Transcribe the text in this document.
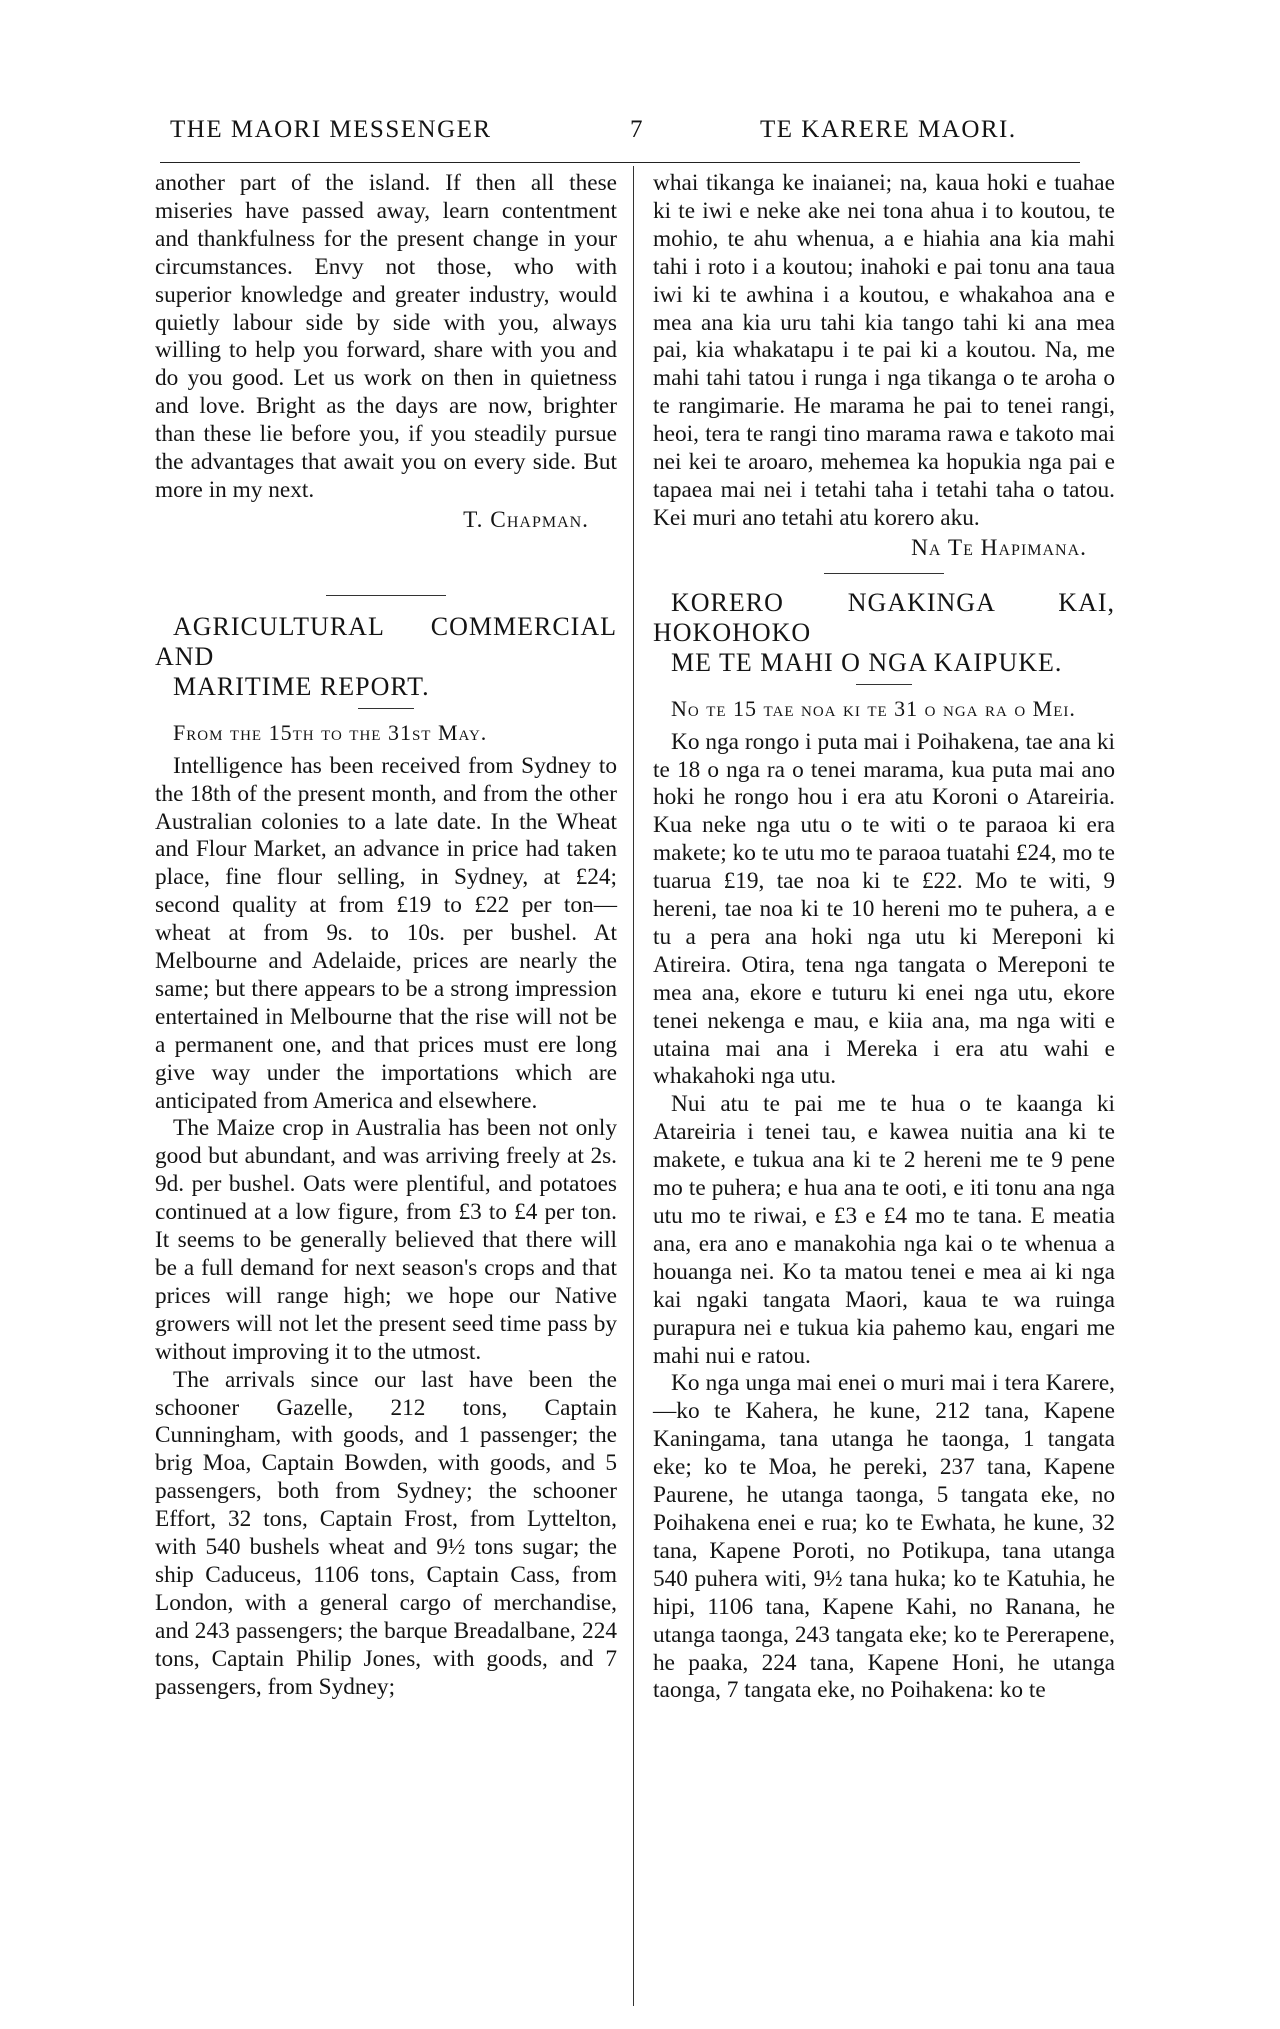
THE MAORI MESSENGER	7	TE KARERE MAORI.

another part of the island. If then all these miseries have passed away, learn contentment and thankfulness for the present change in your circumstances. Envy not those, who with superior knowledge and greater industry, would quietly labour side by side with you, always willing to help you forward, share with you and do you good. Let us work on then in quietness and love. Bright as the days are now, brighter than these lie before you, if you steadily pursue the advantages that await you on every side. But more in my next.

T. Chapman.

AGRICULTURAL COMMERCIAL AND

MARITIME REPORT.

From the 15th to the 31st May.

Intelligence has been received from Sydney to the 18th of the present month, and from the other Australian colonies to a late date. In the Wheat and Flour Market, an advance in price had taken place, fine flour selling, in Sydney, at £24; second quality at from £19 to £22 per ton—wheat at from 9s. to 10s. per bushel. At Melbourne and Adelaide, prices are nearly the same; but there appears to be a strong impression entertained in Melbourne that the rise will not be a permanent one, and that prices must ere long give way under the importations which are anticipated from America and elsewhere.

The Maize crop in Australia has been not only good but abundant, and was arriving freely at 2s. 9d. per bushel. Oats were plentiful, and potatoes continued at a low figure, from £3 to £4 per ton. It seems to be generally believed that there will be a full demand for next season's crops and that prices will range high; we hope our Native growers will not let the present seed time pass by without improving it to the utmost.

The arrivals since our last have been the schooner Gazelle, 212 tons, Captain Cunningham, with goods, and 1 passenger; the brig Moa, Captain Bowden, with goods, and 5 passengers, both from Sydney; the schooner Effort, 32 tons, Captain Frost, from Lyttelton, with 540 bushels wheat and 9½ tons sugar; the ship Caduceus, 1106 tons, Captain Cass, from London, with a general cargo of merchandise, and 243 passengers; the barque Breadalbane, 224 tons, Captain Philip Jones, with goods, and 7 passengers, from Sydney;

whai tikanga ke inaianei; na, kaua hoki e tuahae ki te iwi e neke ake nei tona ahua i to koutou, te mohio, te ahu whenua, a e hiahia ana kia mahi tahi i roto i a koutou; inahoki e pai tonu ana taua iwi ki te awhina i a koutou, e whakahoa ana e mea ana kia uru tahi kia tango tahi ki ana mea pai, kia whakatapu i te pai ki a koutou. Na, me mahi tahi tatou i runga i nga tikanga o te aroha o te rangimarie. He marama he pai to tenei rangi, heoi, tera te rangi tino marama rawa e takoto mai nei kei te aroaro, mehemea ka hopukia nga pai e tapaea mai nei i tetahi taha i tetahi taha o tatou. Kei muri ano tetahi atu korero aku.

Na Te Hapimana.

KORERO NGAKINGA KAI, HOKOHOKO

ME TE MAHI O NGA KAIPUKE.

No te 15 tae noa ki te 31 o nga ra o Mei.

Ko nga rongo i puta mai i Poihakena, tae ana ki te 18 o nga ra o tenei marama, kua puta mai ano hoki he rongo hou i era atu Koroni o Atareiria. Kua neke nga utu o te witi o te paraoa ki era makete; ko te utu mo te paraoa tuatahi £24, mo te tuarua £19, tae noa ki te £22. Mo te witi, 9 hereni, tae noa ki te 10 hereni mo te puhera, a e tu a pera ana hoki nga utu ki Mereponi ki Atireira. Otira, tena nga tangata o Mereponi te mea ana, ekore e tuturu ki enei nga utu, ekore tenei nekenga e mau, e kiia ana, ma nga witi e utaina mai ana i Mereka i era atu wahi e whakahoki nga utu.

Nui atu te pai me te hua o te kaanga ki Atareiria i tenei tau, e kawea nuitia ana ki te makete, e tukua ana ki te 2 hereni me te 9 pene mo te puhera; e hua ana te ooti, e iti tonu ana nga utu mo te riwai, e £3 e £4 mo te tana. E meatia ana, era ano e manakohia nga kai o te whenua a houanga nei. Ko ta matou tenei e mea ai ki nga kai ngaki tangata Maori, kaua te wa ruinga purapura nei e tukua kia pahemo kau, engari me mahi nui e ratou.

Ko nga unga mai enei o muri mai i tera Karere,—ko te Kahera, he kune, 212 tana, Kapene Kaningama, tana utanga he taonga, 1 tangata eke; ko te Moa, he pereki, 237 tana, Kapene Paurene, he utanga taonga, 5 tangata eke, no Poihakena enei e rua; ko te Ewhata, he kune, 32 tana, Kapene Poroti, no Potikupa, tana utanga 540 puhera witi, 9½ tana huka; ko te Katuhia, he hipi, 1106 tana, Kapene Kahi, no Ranana, he utanga taonga, 243 tangata eke; ko te Pererapene, he paaka, 224 tana, Kapene Honi, he utanga taonga, 7 tangata eke, no Poihakena: ko te
